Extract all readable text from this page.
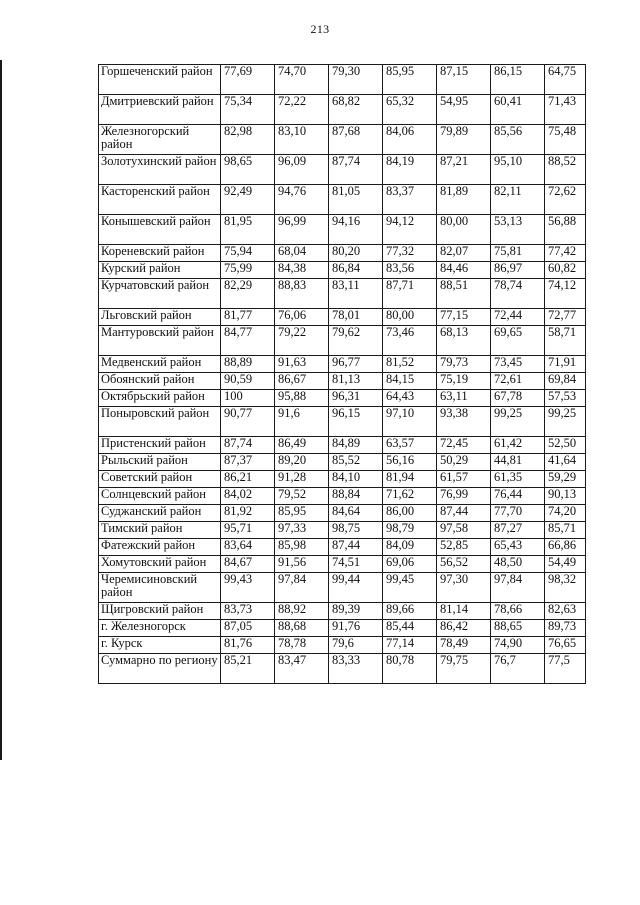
213
Горшеченский район	77,69	74,70	79,30	85,95	87,15	86,15	64,75
Дмитриевский район	75,34	72,22	68,82	65,32	54,95	60,41	71,43
Железногорский район	82,98	83,10	87,68	84,06	79,89	85,56	75,48
Золотухинский район	98,65	96,09	87,74	84,19	87,21	95,10	88,52
Касторенский район	92,49	94,76	81,05	83,37	81,89	82,11	72,62
Конышевский район	81,95	96,99	94,16	94,12	80,00	53,13	56,88
Кореневский район	75,94	68,04	80,20	77,32	82,07	75,81	77,42
Курский район	75,99	84,38	86,84	83,56	84,46	86,97	60,82
Курчатовский район	82,29	88,83	83,11	87,71	88,51	78,74	74,12
Льговский район	81,77	76,06	78,01	80,00	77,15	72,44	72,77
Мантуровский район	84,77	79,22	79,62	73,46	68,13	69,65	58,71
Медвенский район	88,89	91,63	96,77	81,52	79,73	73,45	71,91
Обоянский район	90,59	86,67	81,13	84,15	75,19	72,61	69,84
Октябрьский район	100	95,88	96,31	64,43	63,11	67,78	57,53
Поныровский район	90,77	91,6	96,15	97,10	93,38	99,25	99,25
Пристенский район	87,74	86,49	84,89	63,57	72,45	61,42	52,50
Рыльский район	87,37	89,20	85,52	56,16	50,29	44,81	41,64
Советский район	86,21	91,28	84,10	81,94	61,57	61,35	59,29
Солнцевский район	84,02	79,52	88,84	71,62	76,99	76,44	90,13
Суджанский район	81,92	85,95	84,64	86,00	87,44	77,70	74,20
Тимский район	95,71	97,33	98,75	98,79	97,58	87,27	85,71
Фатежский район	83,64	85,98	87,44	84,09	52,85	65,43	66,86
Хомутовский район	84,67	91,56	74,51	69,06	56,52	48,50	54,49
Черемисиновский район	99,43	97,84	99,44	99,45	97,30	97,84	98,32
Щигровский район	83,73	88,92	89,39	89,66	81,14	78,66	82,63
г. Железногорск	87,05	88,68	91,76	85,44	86,42	88,65	89,73
г. Курск	81,76	78,78	79,6	77,14	78,49	74,90	76,65
Суммарно по региону	85,21	83,47	83,33	80,78	79,75	76,7	77,5
